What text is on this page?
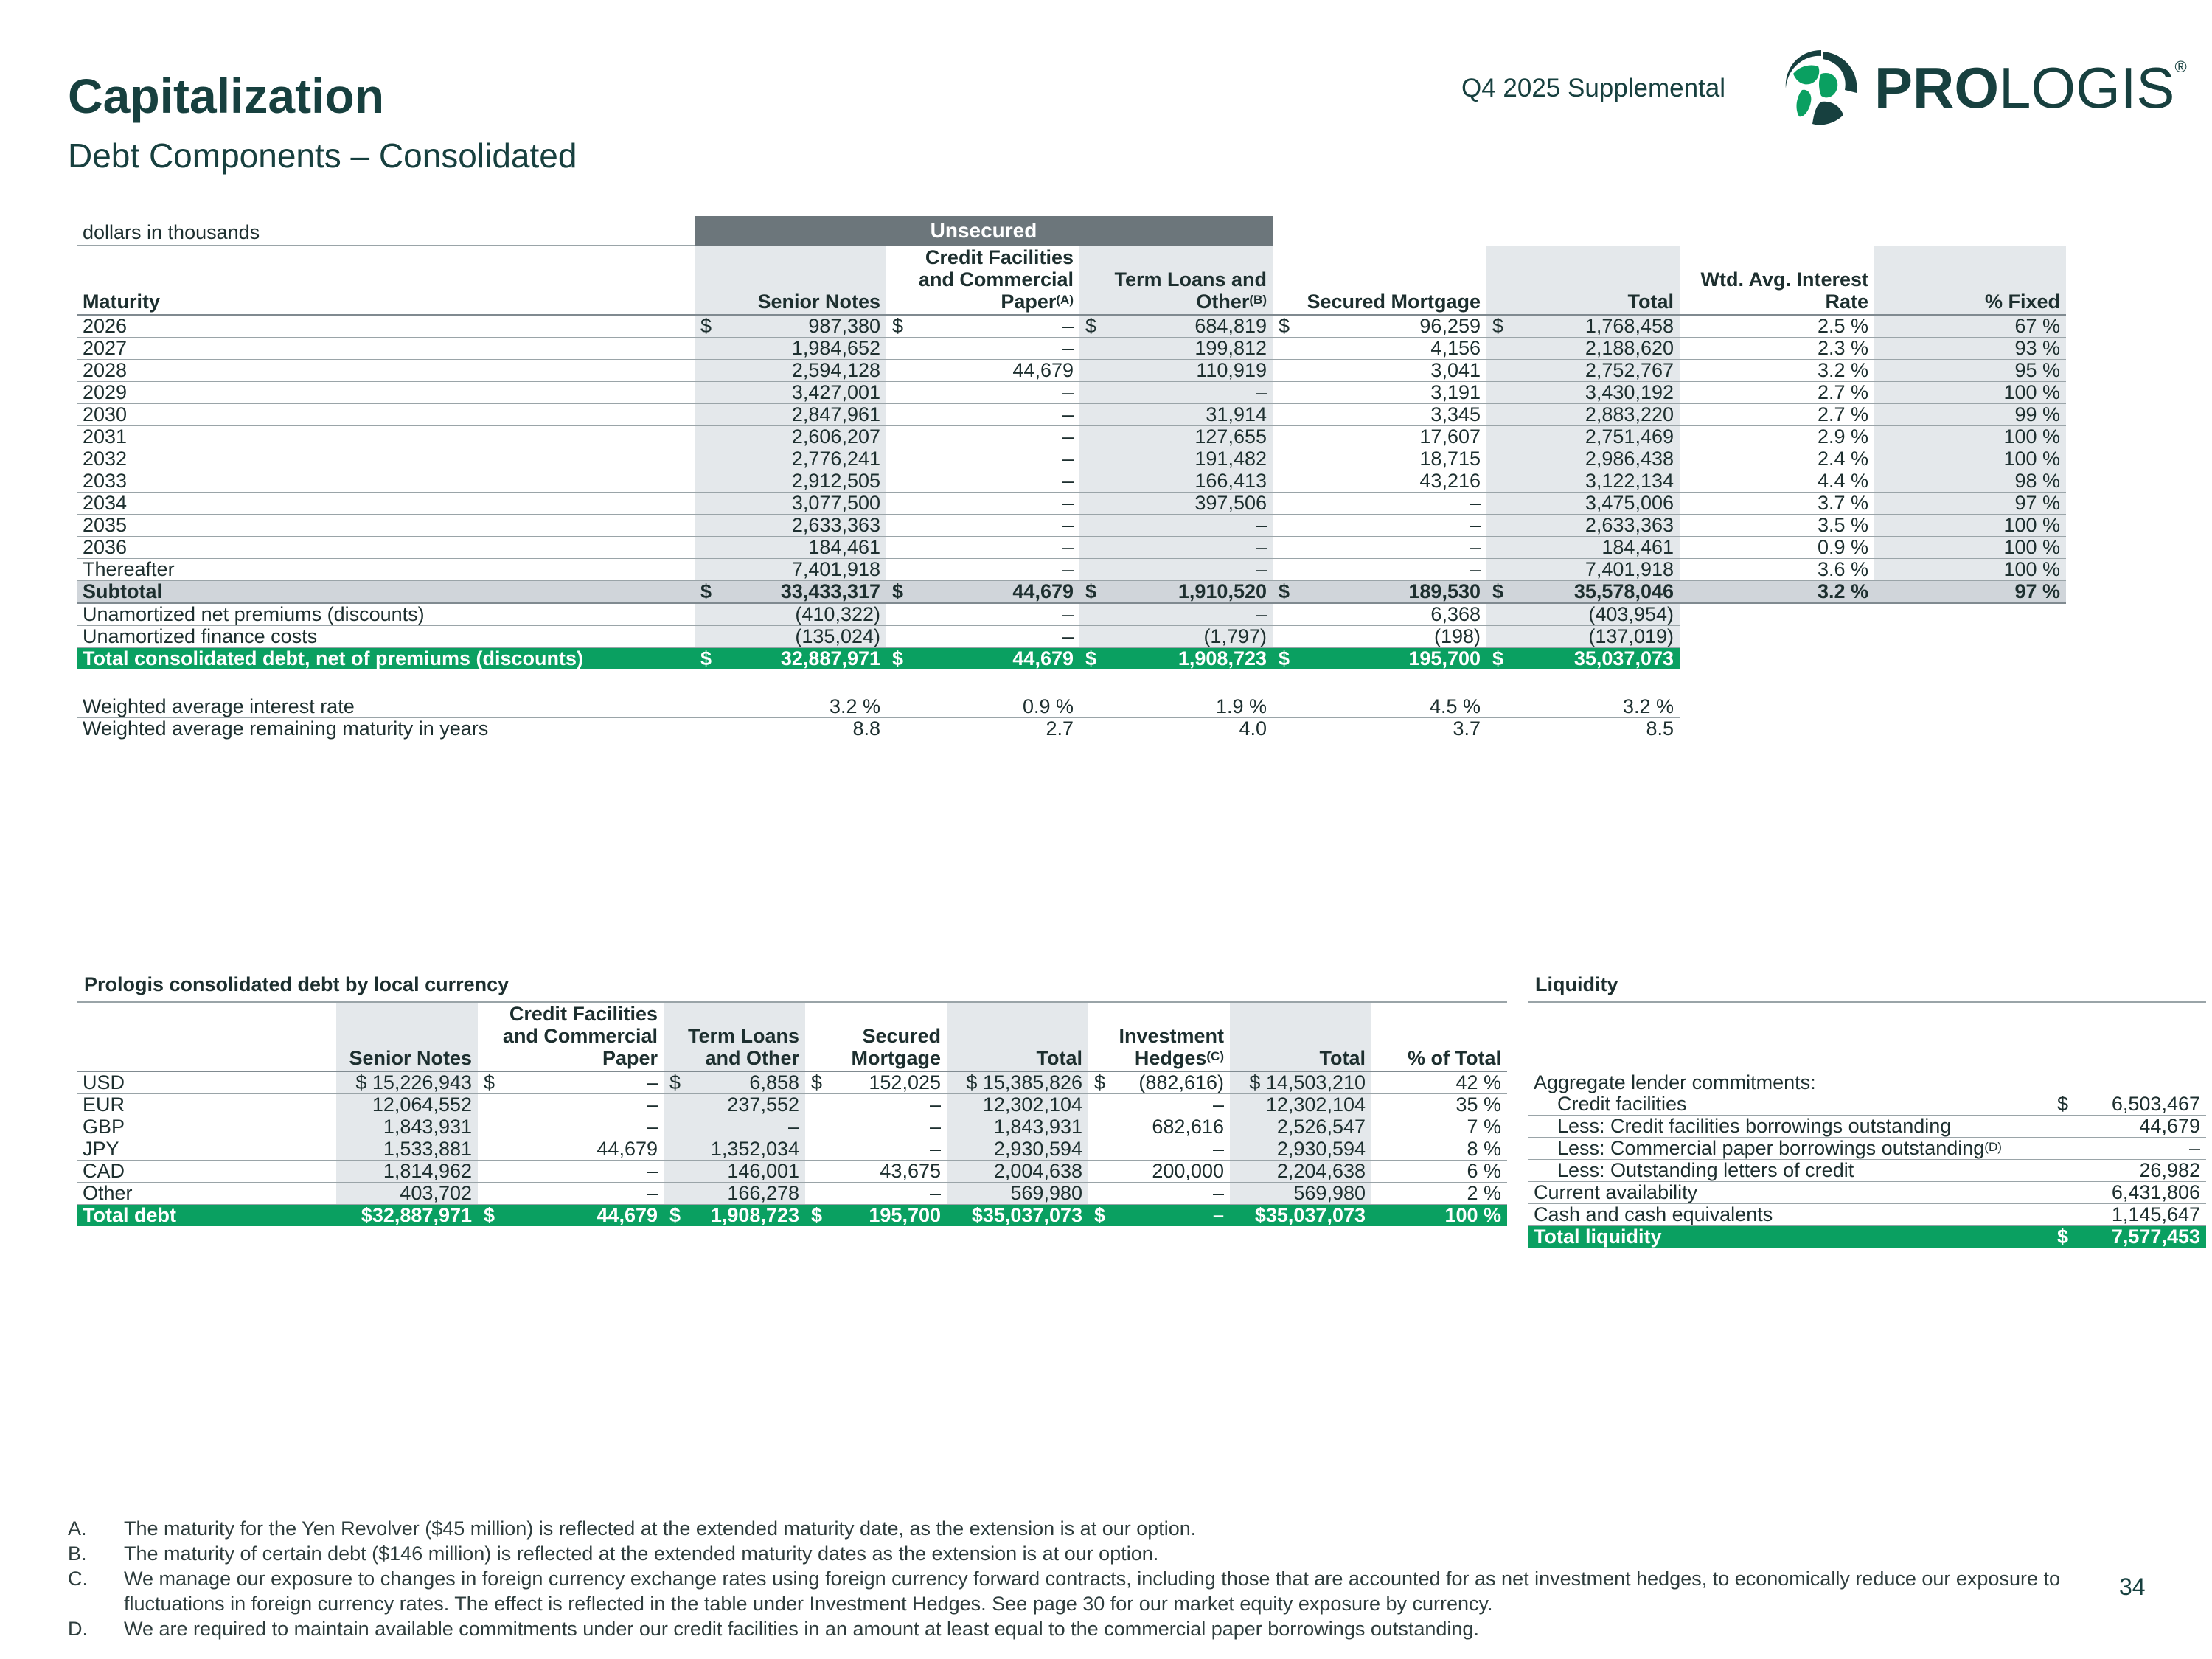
Capitalization
Debt Components – Consolidated
Q4 2025 Supplemental	PROLOGIS®
dollars in thousands	Unsecured
Maturity	Senior Notes	Credit Facilities and Commercial Paper$^{(A)}$	Term Loans and Other$^{(B)}$	Secured Mortgage	Total	Wtd. Avg. Interest Rate	% Fixed
2026	$ 987,380	$ –	$ 684,819	$ 96,259	$ 1,768,458	2.5 %	67 %
2027	1,984,652	–	199,812	4,156	2,188,620	2.3 %	93 %
2028	2,594,128	44,679	110,919	3,041	2,752,767	3.2 %	95 %
2029	3,427,001	–	–	3,191	3,430,192	2.7 %	100 %
2030	2,847,961	–	31,914	3,345	2,883,220	2.7 %	99 %
2031	2,606,207	–	127,655	17,607	2,751,469	2.9 %	100 %
2032	2,776,241	–	191,482	18,715	2,986,438	2.4 %	100 %
2033	2,912,505	–	166,413	43,216	3,122,134	4.4 %	98 %
2034	3,077,500	–	397,506	–	3,475,006	3.7 %	97 %
2035	2,633,363	–	–	–	2,633,363	3.5 %	100 %
2036	184,461	–	–	–	184,461	0.9 %	100 %
Thereafter	7,401,918	–	–	–	7,401,918	3.6 %	100 %
Subtotal	$ 33,433,317	$ 44,679	$ 1,910,520	$ 189,530	$ 35,578,046	3.2 %	97 %
Unamortized net premiums (discounts)	(410,322)	–	–	6,368	(403,954)		
Unamortized finance costs	(135,024)	–	(1,797)	(198)	(137,019)		
Total consolidated debt, net of premiums (discounts)	$ 32,887,971	$ 44,679	$ 1,908,723	$ 195,700	$ 35,037,073		
Weighted average interest rate	3.2 %	0.9 %	1.9 %	4.5 %	3.2 %
Weighted average remaining maturity in years	8.8	2.7	4.0	3.7	8.5
Prologis consolidated debt by local currency
	Senior Notes	Credit Facilities and Commercial Paper	Term Loans and Other	Secured Mortgage	Total	Investment Hedges$^{(C)}$	Total	% of Total
USD	$ 15,226,943	$ –	$ 6,858	$ 152,025	$ 15,385,826	$ (882,616)	$ 14,503,210	42 %
EUR	12,064,552	–	237,552	–	12,302,104	–	12,302,104	35 %
GBP	1,843,931	–	–	–	1,843,931	682,616	2,526,547	7 %
JPY	1,533,881	44,679	1,352,034	–	2,930,594	–	2,930,594	8 %
CAD	1,814,962	–	146,001	43,675	2,004,638	200,000	2,204,638	6 %
Other	403,702	–	166,278	–	569,980	–	569,980	2 %
Total debt	$32,887,971	$ 44,679	$ 1,908,723	$ 195,700	$35,037,073	$ –	$35,037,073	100 %
Liquidity

Aggregate lender commitments:	
Credit facilities	$ 6,503,467
Less: Credit facilities borrowings outstanding	44,679
Less: Commercial paper borrowings outstanding$^{(D)}$	–
Less: Outstanding letters of credit	26,982
Current availability	6,431,806
Cash and cash equivalents	1,145,647
Total liquidity	$ 7,577,453
A. The maturity for the Yen Revolver ($45 million) is reflected at the extended maturity date, as the extension is at our option.
B. The maturity of certain debt ($146 million) is reflected at the extended maturity dates as the extension is at our option.
C. We manage our exposure to changes in foreign currency exchange rates using foreign currency forward contracts, including those that are accounted for as net investment hedges, to economically reduce our exposure to fluctuations in foreign currency rates. The effect is reflected in the table under Investment Hedges. See page 30 for our market equity exposure by currency.
D. We are required to maintain available commitments under our credit facilities in an amount at least equal to the commercial paper borrowings outstanding.
34
